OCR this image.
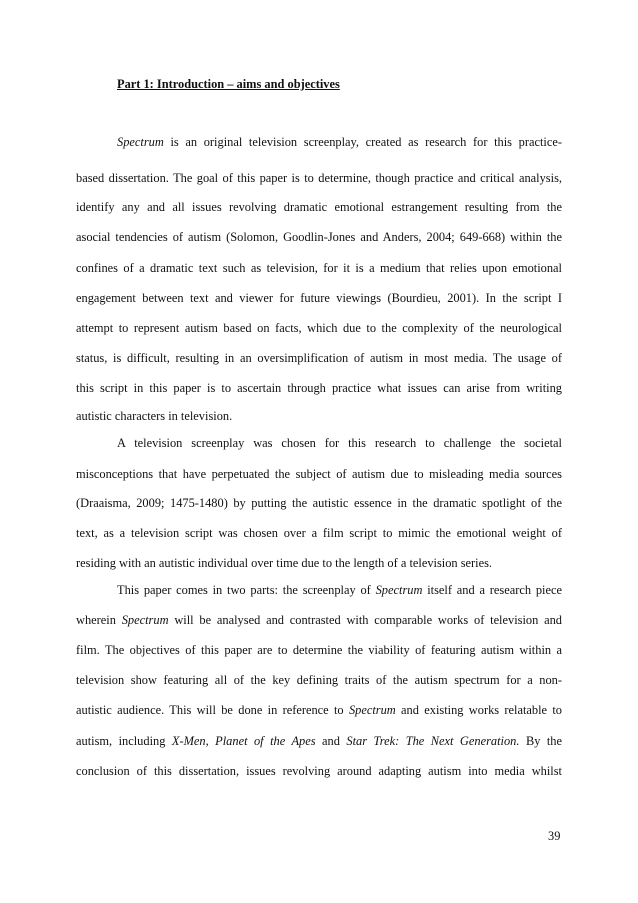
Part 1: Introduction – aims and objectives
Spectrum is an original television screenplay, created as research for this practice-
based dissertation. The goal of this paper is to determine, though practice and critical analysis,
identify any and all issues revolving dramatic emotional estrangement resulting from the
asocial tendencies of autism (Solomon, Goodlin-Jones and Anders, 2004; 649-668) within the
confines of a dramatic text such as television, for it is a medium that relies upon emotional
engagement between text and viewer for future viewings (Bourdieu, 2001). In the script I
attempt to represent autism based on facts, which due to the complexity of the neurological
status, is difficult, resulting in an oversimplification of autism in most media. The usage of
this script in this paper is to ascertain through practice what issues can arise from writing
autistic characters in television.
A television screenplay was chosen for this research to challenge the societal
misconceptions that have perpetuated the subject of autism due to misleading media sources
(Draaisma, 2009; 1475-1480) by putting the autistic essence in the dramatic spotlight of the
text, as a television script was chosen over a film script to mimic the emotional weight of
residing with an autistic individual over time due to the length of a television series.
This paper comes in two parts: the screenplay of Spectrum itself and a research piece
wherein Spectrum will be analysed and contrasted with comparable works of television and
film. The objectives of this paper are to determine the viability of featuring autism within a
television show featuring all of the key defining traits of the autism spectrum for a non-
autistic audience. This will be done in reference to Spectrum and existing works relatable to
autism, including X-Men, Planet of the Apes and Star Trek: The Next Generation. By the
conclusion of this dissertation, issues revolving around adapting autism into media whilst
39
